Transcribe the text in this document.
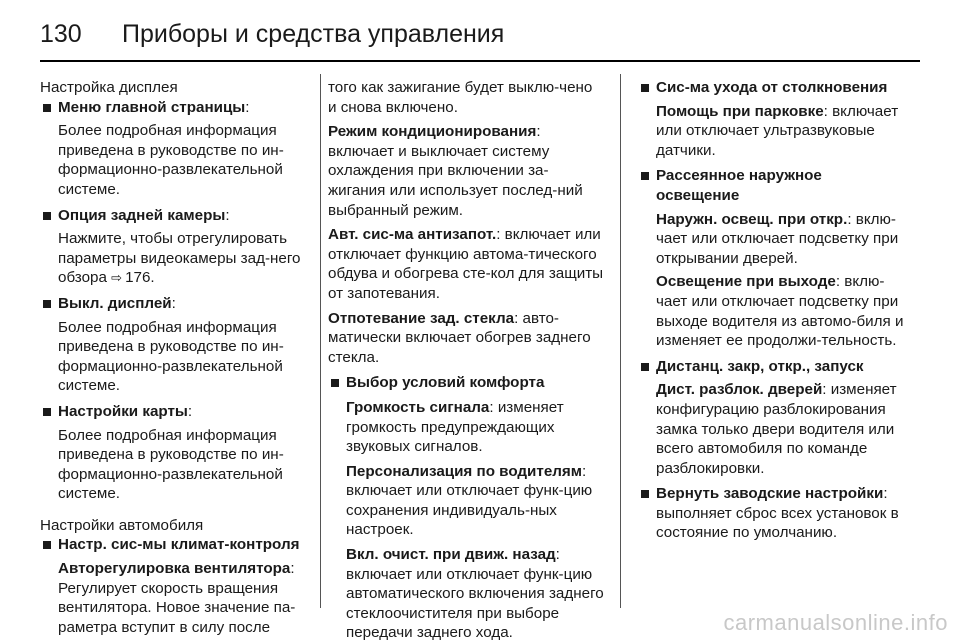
130	Приборы и средства управления

Настройка дисплея

Меню главной страницы:
Более подробная информация приведена в руководстве по ин-формационно-развлекательной системе.
Опция задней камеры:
Нажмите, чтобы отрегулировать параметры видеокамеры зад-него обзора ⇨ 176.
Выкл. дисплей:
Более подробная информация приведена в руководстве по ин-формационно-развлекательной системе.
Настройки карты:
Более подробная информация приведена в руководстве по ин-формационно-развлекательной системе.

Настройки автомобиля

Настр. сис-мы климат-контроля
Авторегулировка вентилятора: Регулирует скорость вращения вентилятора. Новое значение па-раметра вступит в силу после
того как зажигание будет выклю-чено и снова включено.
Режим кондиционирования: включает и выключает систему охлаждения при включении за-жигания или использует послед-ний выбранный режим.
Авт. сис-ма антизапот.: включает или отключает функцию автома-тического обдува и обогрева сте-кол для защиты от запотевания.
Отпотевание зад. стекла: авто-матически включает обогрев заднего стекла.
Выбор условий комфорта
Громкость сигнала: изменяет громкость предупреждающих звуковых сигналов.
Персонализация по водителям: включает или отключает функ-цию сохранения индивидуаль-ных настроек.
Вкл. очист. при движ. назад: включает или отключает функ-цию автоматического включения заднего стеклоочистителя при выборе передачи заднего хода.
Сис-ма ухода от столкновения
Помощь при парковке: включает или отключает ультразвуковые датчики.
Рассеянное наружное освещение
Наружн. освещ. при откр.: вклю-чает или отключает подсветку при открывании дверей.
Освещение при выходе: вклю-чает или отключает подсветку при выходе водителя из автомо-биля и изменяет ее продолжи-тельность.
Дистанц. закр, откр., запуск
Дист. разблок. дверей: изменяет конфигурацию разблокирования замка только двери водителя или всего автомобиля по команде разблокировки.
Вернуть заводские настройки:
выполняет сброс всех установок в состояние по умолчанию.
carmanualsonline.info
